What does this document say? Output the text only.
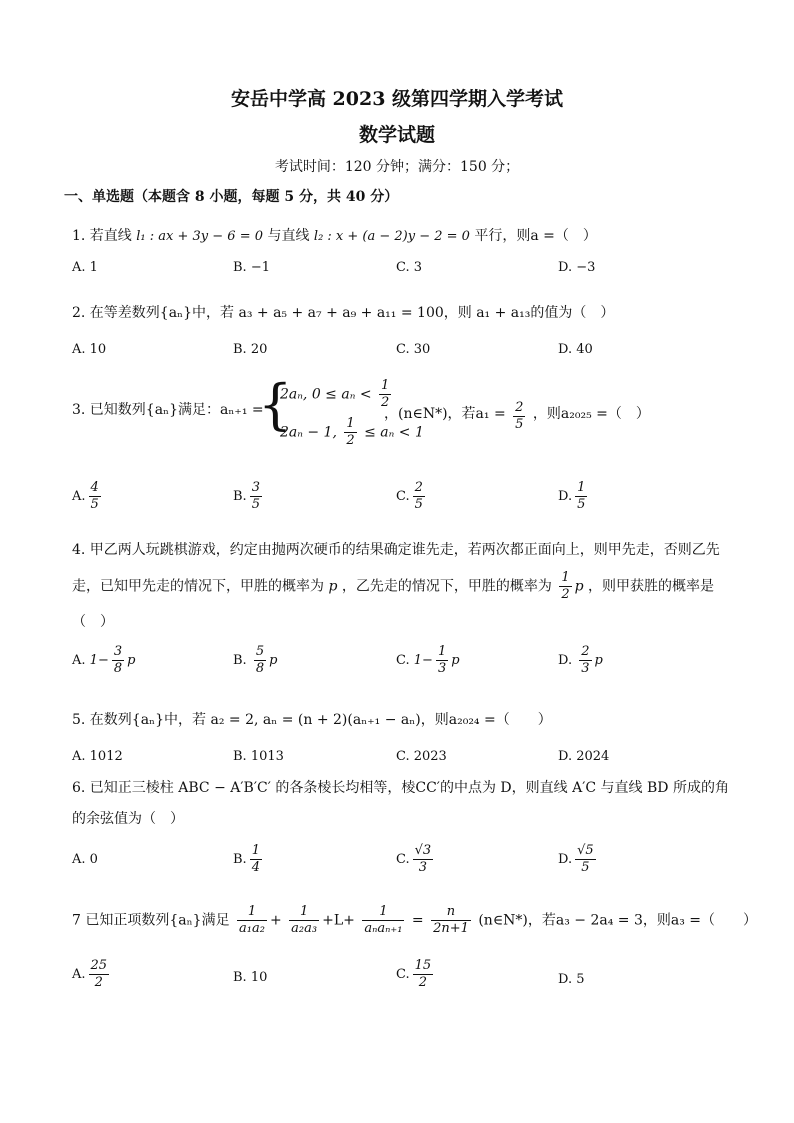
安岳中学高 2023 级第四学期入学考试
数学试题
考试时间：120 分钟；满分：150 分；
一、单选题（本题含 8 小题，每题 5 分，共 40 分）
1. 若直线 l₁ : ax + 3y − 6 = 0 与直线 l₂ : x + (a − 2)y − 2 = 0 平行，则a =（　）
A. 1	B. −1	C. 3	D. −3
2. 在等差数列{aₙ}中，若 a₃ + a₅ + a₇ + a₉ + a₁₁ = 100，则 a₁ + a₁₃的值为（　）
A. 10	B. 20	C. 30	D. 40
3. 已知数列{aₙ}满足：aₙ₊₁ =
{
2aₙ, $0 \le a_n < \frac{1}{2}$
2aₙ − 1, $\frac{1}{2} \le a_n < 1$
，(n∈N*)，若$a_1 = \frac{2}{5}$ ，则a₂₀₂₅ =（　）
A. $\frac{4}{5}$	B. $\frac{3}{5}$	C. $\frac{2}{5}$	D. $\frac{1}{5}$
4. 甲乙两人玩跳棋游戏，约定由抛两次硬币的结果确定谁先走，若两次都正面向上，则甲先走，否则乙先
走，已知甲先走的情况下，甲胜的概率为 p ，乙先走的情况下，甲胜的概率为 $\frac{1}{2}$ p ，则甲获胜的概率是
（　）
A. $1- \frac{3}{8}$ p	B. $\frac{5}{8}$ p	C. $1- \frac{1}{3}$ p	D. $\frac{2}{3}$ p
5. 在数列{aₙ}中，若 a₂ = 2, aₙ = (n + 2)(aₙ₊₁ − aₙ)，则a₂₀₂₄ =（　　）
A. 1012	B. 1013	C. 2023	D. 2024
6. 已知正三棱柱 ABC − A′B′C′ 的各条棱长均相等，棱CC′的中点为 D，则直线 A′C 与直线 BD 所成的角
的余弦值为（　）
A. 0	B. $\frac{1}{4}$	C. $\frac{√3}{3}$	D. $\frac{√5}{5}$
7 已知正项数列{aₙ}满足 $\frac{1}{\text{a₁a₂}} + \frac{1}{\text{a₂a₃}} +L+ \frac{1}{\text{aₙaₙ₊₁}} = \frac{n}{2n+1}$ (n∈N*)，若a₃ − 2a₄ = 3，则a₃ =（　　）
A. $\frac{25}{2}$	B. 10	C. $\frac{15}{2}$	D. 5
